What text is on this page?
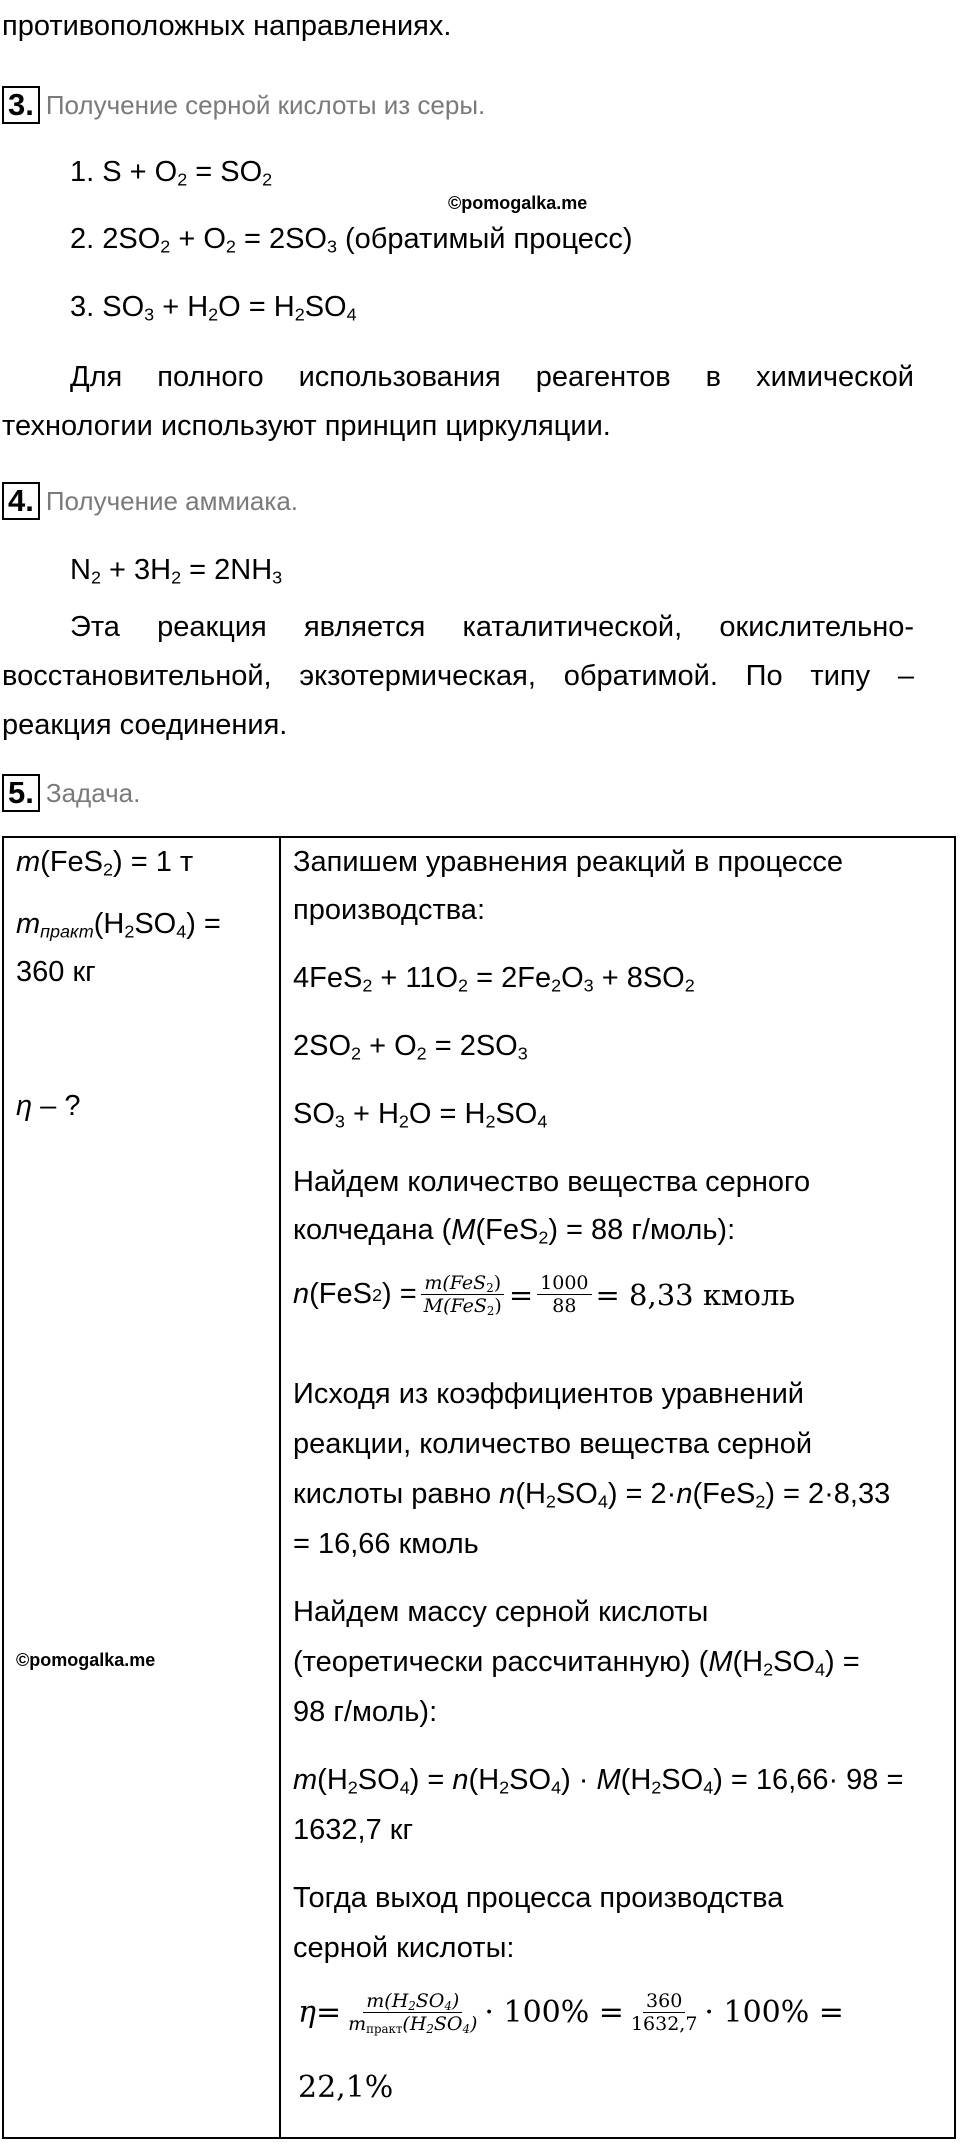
противоположных направлениях.
3. Получение серной кислоты из серы.
1. $S + O_2 = SO_2$
©pomogalka.me
2. $2SO_2 + O_2 = 2SO_3$ (обратимый процесс)
3. $SO_3 + H_2O = H_2SO_4$
Для полного использования реагентов в химической
технологии используют принцип циркуляции.
4. Получение аммиака.
$N_2 + 3H_2 = 2NH_3$
Эта реакция является каталитической, окислительно-
восстановительной, экзотермическая, обратимой. По типу –
реакция соединения.
5. Задача.
m(FeS$_2$) = 1 т
$m_{практ}(H_2SO_4)$ =
360 кг
η – ?
©pomogalka.me
Запишем уравнения реакций в процессе
производства:
$4FeS_2 + 11O_2 = 2Fe_2O_3 + 8SO_2$
$2SO_2 + O_2 = 2SO_3$
$SO_3 + H_2O = H_2SO_4$
Найдем количество вещества серного
колчедана (M(FeS$_2$) = 88 г/моль):
n (FeS 2 ) = $\frac{m(FeS_2)}{M(FeS_2)} = \frac{1000}{88} = 8,33$ кмоль
Исходя из коэффициентов уравнений
реакции, количество вещества серной
кислоты равно $n(H_2SO_4) = 2\cdot n(FeS_2) = 2\cdot 8,33$
= 16,66 кмоль
Найдем массу серной кислоты
(теоретически рассчитанную) ($M(H_2SO_4)$ =
98 г/моль):
$m(H_2SO_4) = n(H_2SO_4) \cdot M(H_2SO_4) = 16,66\cdot 98$ =
1632,7 кг
Тогда выход процесса производства
серной кислоты:
$\eta = \frac{m(H_2SO_4)}{m_{практ}(H_2SO_4)} \cdot 100\% = \frac{360}{1632,7} \cdot 100\%$ =
22,1%
